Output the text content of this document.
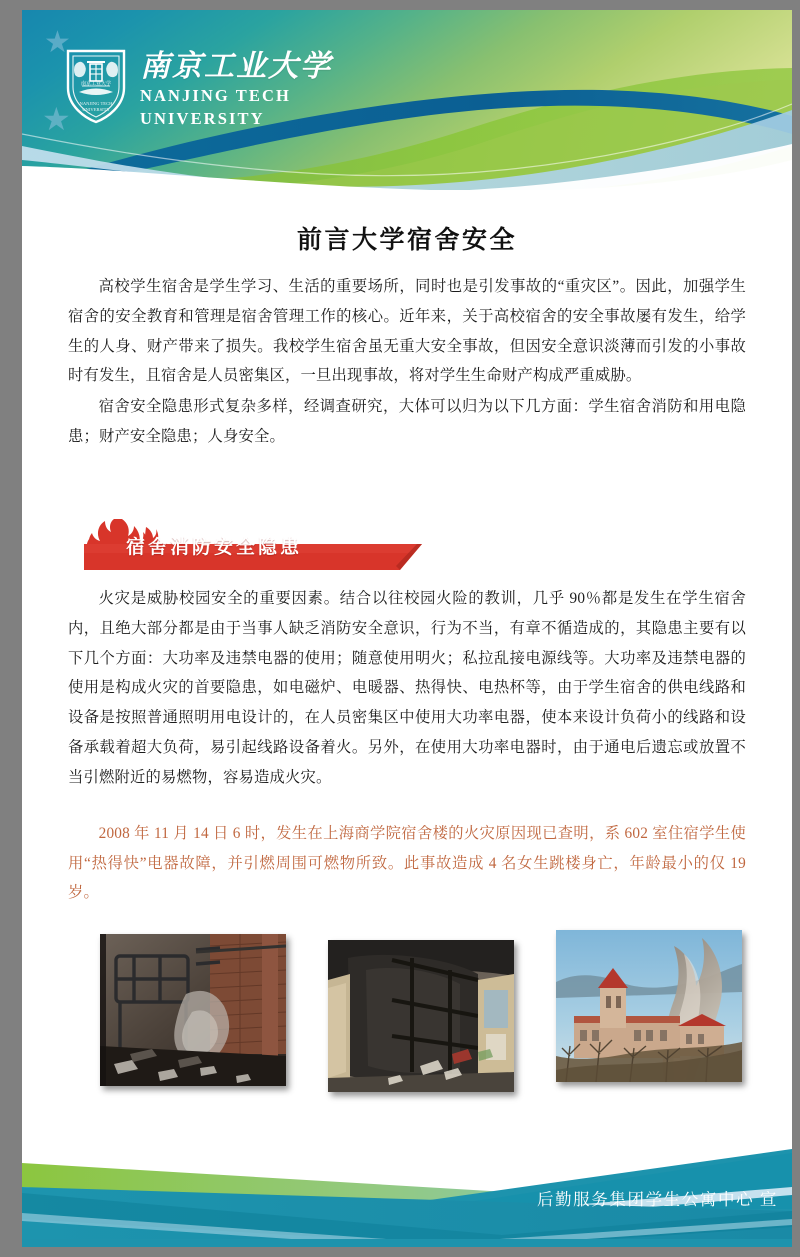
★
★
南京工业大学
NANJING TECH
UNIVERSITY
南京工业大学
NANJING TECH
UNIVERSITY
前言大学宿舍安全

高校学生宿舍是学生学习、生活的重要场所，同时也是引发事故的“重灾区”。因此，加强学生宿舍的安全教育和管理是宿舍管理工作的核心。近年来，关于高校宿舍的安全事故屡有发生，给学生的人身、财产带来了损失。我校学生宿舍虽无重大安全事故，但因安全意识淡薄而引发的小事故时有发生，且宿舍是人员密集区，一旦出现事故，将对学生生命财产构成严重威胁。

宿舍安全隐患形式复杂多样，经调查研究，大体可以归为以下几方面：学生宿舍消防和用电隐患；财产安全隐患；人身安全。

宿舍消防安全隐患

火灾是威胁校园安全的重要因素。结合以往校园火险的教训，几乎 90％都是发生在学生宿舍内，且绝大部分都是由于当事人缺乏消防安全意识，行为不当，有章不循造成的，其隐患主要有以下几个方面：大功率及违禁电器的使用；随意使用明火；私拉乱接电源线等。大功率及违禁电器的使用是构成火灾的首要隐患，如电磁炉、电暖器、热得快、电热杯等，由于学生宿舍的供电线路和设备是按照普通照明用电设计的，在人员密集区中使用大功率电器，使本来设计负荷小的线路和设备承载着超大负荷，易引起线路设备着火。另外，在使用大功率电器时，由于通电后遗忘或放置不当引燃附近的易燃物，容易造成火灾。

2008 年 11 月 14 日 6 时，发生在上海商学院宿舍楼的火灾原因现已查明，系 602 室住宿学生使用“热得快”电器故障，并引燃周围可燃物所致。此事故造成 4 名女生跳楼身亡，年龄最小的仅 19 岁。

后勤服务集团学生公寓中心 宣
